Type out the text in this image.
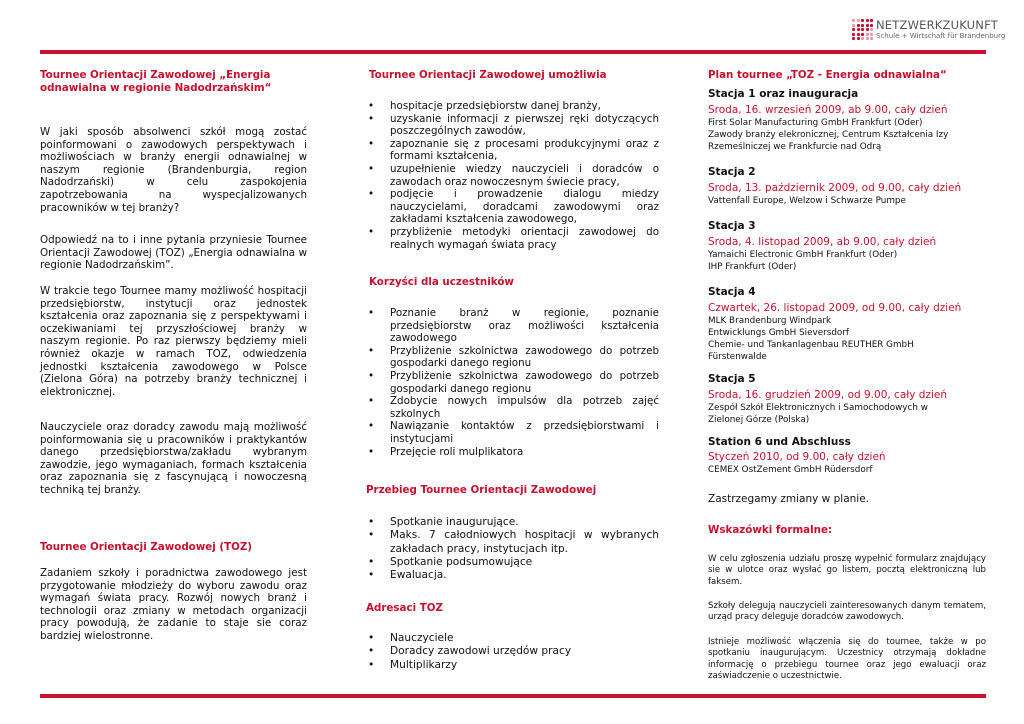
NETZWERKZUKUNFT
Schule + Wirtschaft für Brandenburg
Tournee Orientacji Zawodowej „Energia odnawialna w regionie Nadodrzańskim“
W jaki sposób absolwenci szkół mogą zostać poinformowani o zawodowych perspektywach i możliwościach w branży energii odnawialnej w naszym regionie (Brandenburgia, region Nadodrzański) w celu zaspokojenia zapotrzebowania na wyspecjalizowanych pracowników w tej branży?
Odpowiedź na to i inne pytania przyniesie Tournee Orientacji Zawodowej (TOZ) „Energia odnawialna w regionie Nadodrzańskim”.
W trakcie tego Tournee mamy możliwość hospitacji przedsiębiorstw, instytucji oraz jednostek kształcenia oraz zapoznania się z perspektywami i oczekiwaniami tej przyszłościowej branży w naszym regionie. Po raz pierwszy będziemy mieli również okazje w ramach TOZ, odwiedzenia jednostki kształcenia zawodowego w Polsce (Zielona Góra) na potrzeby branży technicznej i elektronicznej.
Nauczyciele oraz doradcy zawodu mają możliwość poinformowania się u pracowników i praktykantów danego przedsiębiorstwa/zakładu wybranym zawodzie, jego wymaganiach, formach kształcenia oraz zapoznania się z fascynującą i nowoczesną techniką tej branży.
Tournee Orientacji Zawodowej (TOZ)
Zadaniem szkoły i poradnictwa zawodowego jest przygotowanie młodzieży do wyboru zawodu oraz wymagań świata pracy. Rozwój nowych branż i technologii oraz zmiany w metodach organizacji pracy powodują, że zadanie to staje sie coraz bardziej wielostronne.
Tournee Orientacji Zawodowej umożliwia
• hospitacje przedsiębiorstw danej branży,
• uzyskanie informacji z pierwszej ręki dotyczących poszczególnych zawodów,
• zapoznanie się z procesami produkcyjnymi oraz z formami kształcenia,
• uzupełnienie wiedzy nauczycieli i doradców o zawodach oraz nowoczesnym świecie pracy,
• podjęcie i prowadzenie dialogu miedzy nauczycielami, doradcami zawodowymi oraz zakładami kształcenia zawodowego,
• przybliżenie metodyki orientacji zawodowej do realnych wymagań świata pracy
Korzyści dla uczestników
• Poznanie branż w regionie, poznanie przedsiębiorstw oraz możliwości kształcenia zawodowego
• Przybliżenie szkolnictwa zawodowego do potrzeb gospodarki danego regionu
• Przybliżenie szkolnictwa zawodowego do potrzeb gospodarki danego regionu
• Zdobycie nowych impulsów dla potrzeb zajęć szkolnych
• Nawiązanie kontaktów z przedsiębiorstwami i instytucjami
• Przejęcie roli mulplikatora
Przebieg Tournee Orientacji Zawodowej
• Spotkanie inaugurujące.
• Maks. 7 całodniowych hospitacji w wybranych zakładach pracy, instytucjach itp.
• Spotkanie podsumowujące
• Ewaluacja.
Adresaci TOZ
• Nauczyciele
• Doradcy zawodowi urzędów pracy
• Multiplikarzy
Plan tournee „TOZ - Energia odnawialna“
Stacja 1 oraz inauguracja
Sroda, 16. wrzesień 2009, ab 9.00, cały dzień
First Solar Manufacturing GmbH Frankfurt (Oder)
Zawody branży elekronicznej, Centrum Kształcenia Izy Rzemeślniczej we Frankfurcie nad Odrą
Stacja 2
Sroda, 13. październik 2009, od 9.00, cały dzień
Vattenfall Europe, Welzow i Schwarze Pumpe
Stacja 3
Sroda, 4. listopad 2009, ab 9.00, cały dzień
Yamaichi Electronic GmbH Frankfurt (Oder)
IHP Frankfurt (Oder)
Stacja 4
Czwartek, 26. listopad 2009, od 9.00, cały dzień
MLK Brandenburg Windpark Entwicklungs GmbH Sieversdorf
Chemie- und Tankanlagenbau REUTHER GmbH Fürstenwalde
Stacja 5
Sroda, 16. grudzień 2009, od 9.00, cały dzień
Zespół Szkół Elektronicznych i Samochodowych w Zielonej Górze (Polska)
Station 6 und Abschluss
Styczeń 2010, od 9.00, cały dzień
CEMEX OstZement GmbH Rüdersdorf
Zastrzegamy zmiany w planie.
Wskazówki formalne:
W celu zgłoszenia udziału proszę wypełnić formularz znajdujący sie w ulotce oraz wysłać go listem, pocztą elektroniczną lub faksem.
Szkoły delegują nauczycieli zainteresowanych danym tematem, urząd pracy deleguje doradców zawodowych.
Istnieje możliwość włączenia się do tournee, także w po spotkaniu inaugurującym. Uczestnicy otrzymają dokładne informację o przebiegu tournee oraz jego ewaluacji oraz zaświadczenie o uczestnictwie.
